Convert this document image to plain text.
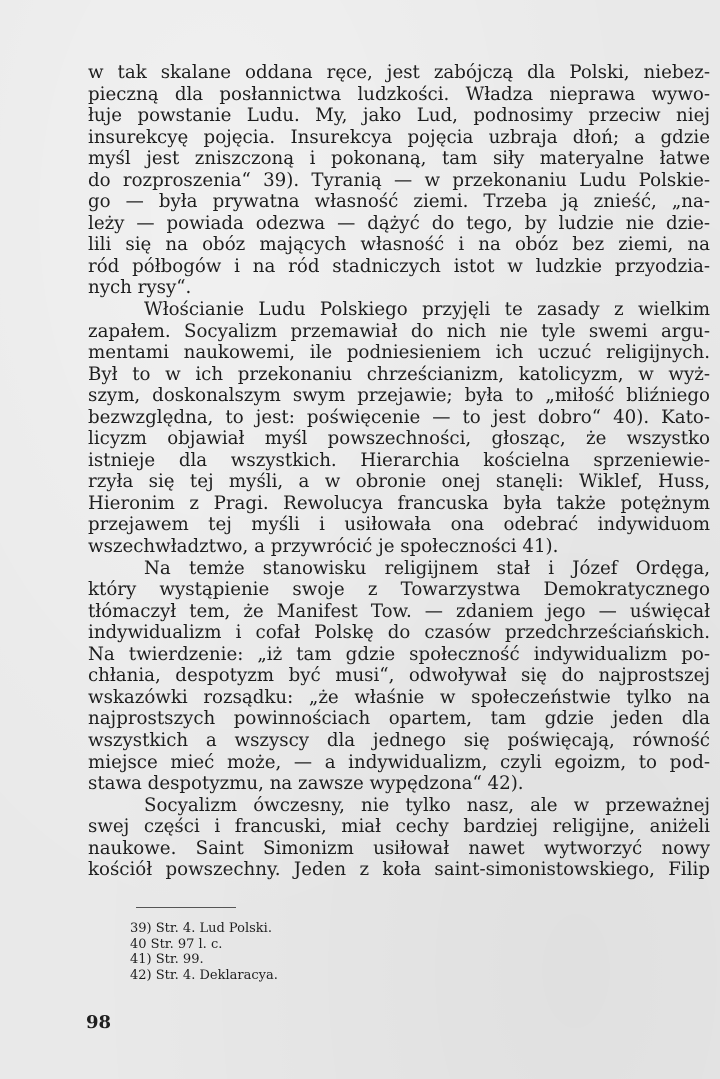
w tak skalane oddana ręce, jest zabójczą dla Polski, niebez-
pieczną dla posłannictwa ludzkości. Władza nieprawa wywo-
łuje powstanie Ludu. My, jako Lud, podnosimy przeciw niej
insurekcyę pojęcia. Insurekcya pojęcia uzbraja dłoń; a gdzie
myśl jest zniszczoną i pokonaną, tam siły materyalne łatwe
do rozproszenia“ 39). Tyranią — w przekonaniu Ludu Polskie-
go — była prywatna własność ziemi. Trzeba ją znieść, „na-
leży — powiada odezwa — dążyć do tego, by ludzie nie dzie-
lili się na obóz mających własność i na obóz bez ziemi, na
ród półbogów i na ród stadniczych istot w ludzkie przyodzia-
nych rysy“.
Włościanie Ludu Polskiego przyjęli te zasady z wielkim
zapałem. Socyalizm przemawiał do nich nie tyle swemi argu-
mentami naukowemi, ile podniesieniem ich uczuć religijnych.
Był to w ich przekonaniu chrześcianizm, katolicyzm, w wyż-
szym, doskonalszym swym przejawie; była to „miłość bliźniego
bezwzględna, to jest: poświęcenie — to jest dobro“ 40). Kato-
licyzm objawiał myśl powszechności, głosząc, że wszystko
istnieje dla wszystkich. Hierarchia kościelna sprzeniewie-
rzyła się tej myśli, a w obronie onej stanęli: Wiklef, Huss,
Hieronim z Pragi. Rewolucya francuska była także potężnym
przejawem tej myśli i usiłowała ona odebrać indywiduom
wszechwładztwo, a przywrócić je społeczności 41).
Na temże stanowisku religijnem stał i Józef Ordęga,
który wystąpienie swoje z Towarzystwa Demokratycznego
tłómaczył tem, że Manifest Tow. — zdaniem jego — uświęcał
indywidualizm i cofał Polskę do czasów przedchrześciańskich.
Na twierdzenie: „iż tam gdzie społeczność indywidualizm po-
chłania, despotyzm być musi“, odwoływał się do najprostszej
wskazówki rozsądku: „że właśnie w społeczeństwie tylko na
najprostszych powinnościach opartem, tam gdzie jeden dla
wszystkich a wszyscy dla jednego się poświęcają, równość
miejsce mieć może, — a indywidualizm, czyli egoizm, to pod-
stawa despotyzmu, na zawsze wypędzona“ 42).
Socyalizm ówczesny, nie tylko nasz, ale w przeważnej
swej części i francuski, miał cechy bardziej religijne, aniżeli
naukowe. Saint Simonizm usiłował nawet wytworzyć nowy
kościół powszechny. Jeden z koła saint-simonistowskiego, Filip
39) Str. 4. Lud Polski.
40 Str. 97 l. c.
41) Str. 99.
42) Str. 4. Deklaracya.
98
